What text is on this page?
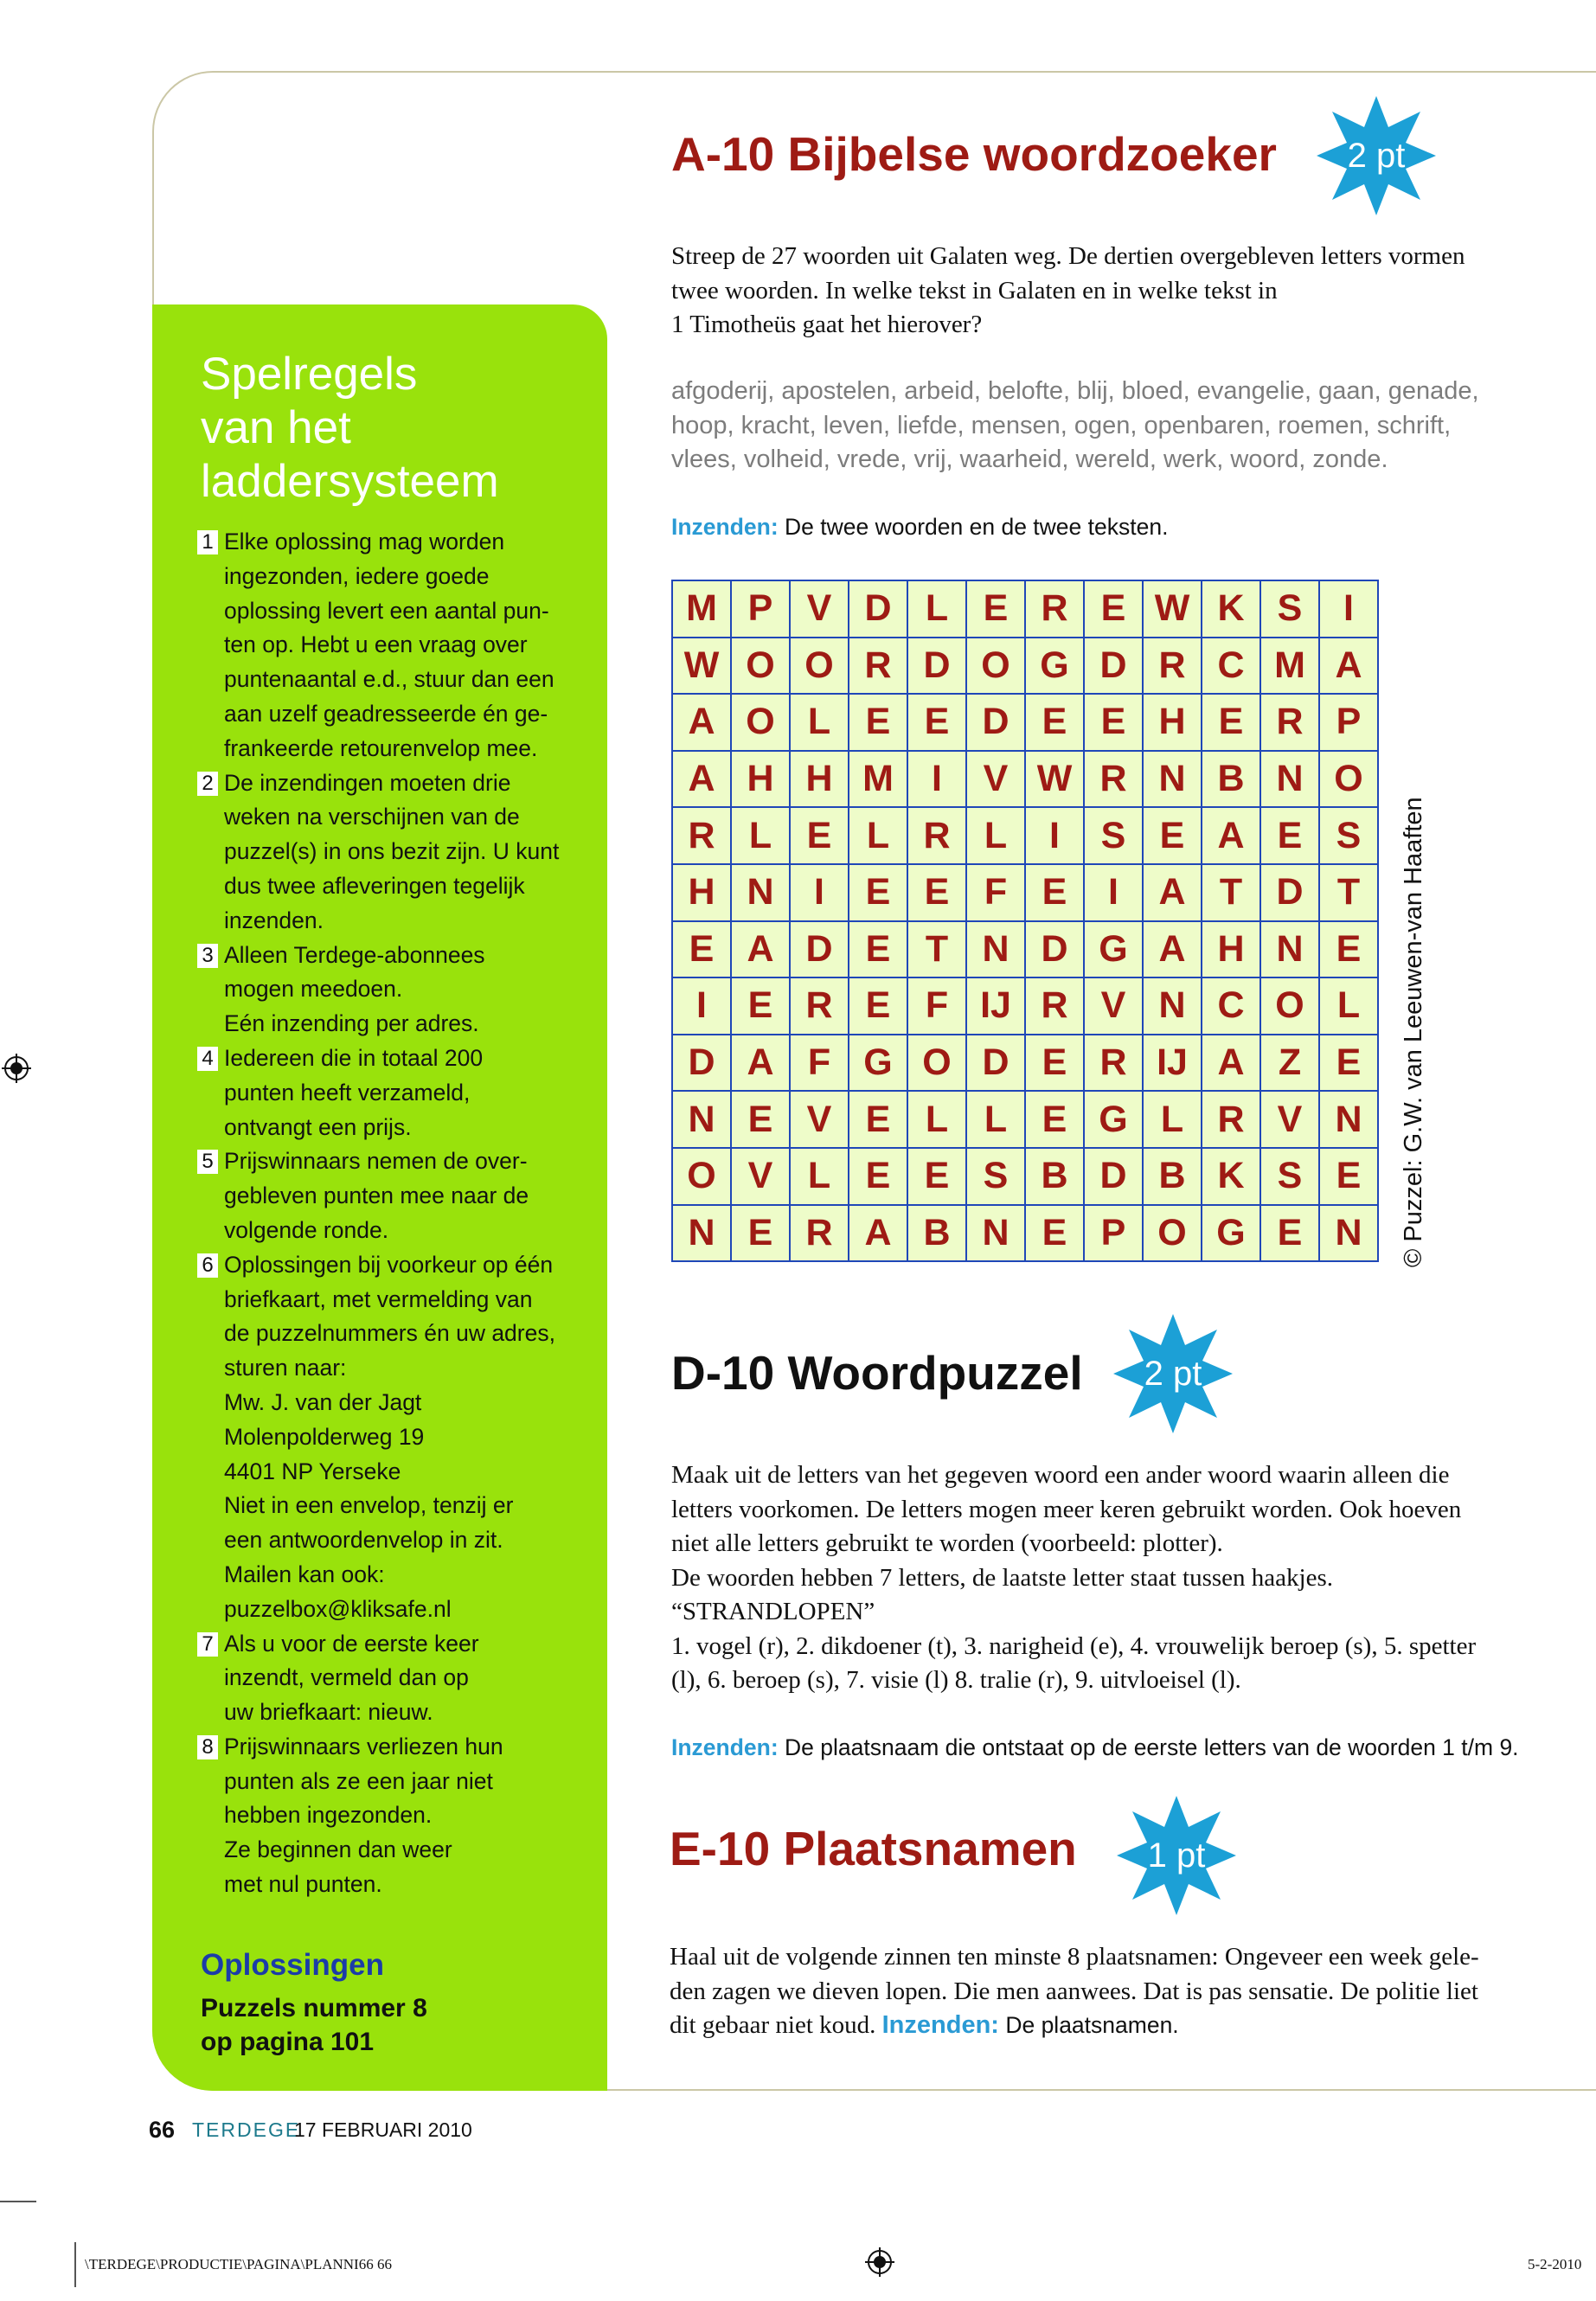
Spelregels
van het
laddersysteem
1 Elke oplossing mag worden
ingezonden, iedere goede
oplossing levert een aantal pun-
ten op. Hebt u een vraag over
puntenaantal e.d., stuur dan een
aan uzelf geadresseerde én ge-
frankeerde retourenvelop mee.
2 De inzendingen moeten drie
weken na verschijnen van de
puzzel(s) in ons bezit zijn. U kunt
dus twee afleveringen tegelijk
inzenden.
3 Alleen Terdege-abonnees
mogen meedoen.
Eén inzending per adres.
4 Iedereen die in totaal 200
punten heeft verzameld,
ontvangt een prijs.
5 Prijswinnaars nemen de over-
gebleven punten mee naar de
volgende ronde.
6 Oplossingen bij voorkeur op één
briefkaart, met vermelding van
de puzzelnummers én uw adres,
sturen naar:
Mw. J. van der Jagt
Molenpolderweg 19
4401 NP Yerseke
Niet in een envelop, tenzij er
een antwoordenvelop in zit.
Mailen kan ook:
puzzelbox@kliksafe.nl
7 Als u voor de eerste keer
inzendt, vermeld dan op
uw briefkaart: nieuw.
8 Prijswinnaars verliezen hun
punten als ze een jaar niet
hebben ingezonden.
Ze beginnen dan weer
met nul punten.
Oplossingen
Puzzels nummer 8
op pagina 101
A-10 Bijbelse woordzoeker	2 pt
Streep de 27 woorden uit Galaten weg. De dertien overgebleven letters vormen
twee woorden. In welke tekst in Galaten en in welke tekst in
1 Timotheüs gaat het hierover?
afgoderij, apostelen, arbeid, belofte, blij, bloed, evangelie, gaan, genade,
hoop, kracht, leven, liefde, mensen, ogen, openbaren, roemen, schrift,
vlees, volheid, vrede, vrij, waarheid, wereld, werk, woord, zonde.
Inzenden: De twee woorden en de twee teksten.
M P V D L E R E W K S	I
W O O R D O G D R C M A
A O L E E D E E H E R P
A H H M	I	V W R N B N O
R L E L R L	I	S E A E S
H N	I	E E F E	I	A T D T
E A D E T N D G A H N E
I	E R E F IJ R V N C O L
D A F G O D E R IJ A Z E
N E V E L L E G L R V N
O V L E E S B D B K S E
N E R A B N E P O G E N	© Puzzel: G.W. van Leeuwen-van Haaften
D-10 Woordpuzzel	2 pt
Maak uit de letters van het gegeven woord een ander woord waarin alleen die
letters voorkomen. De letters mogen meer keren gebruikt worden. Ook hoeven
niet alle letters gebruikt te worden (voorbeeld: plotter).
De woorden hebben 7 letters, de laatste letter staat tussen haakjes.
“STRANDLOPEN”
1. vogel (r), 2. dikdoener (t), 3. narigheid (e), 4. vrouwelijk beroep (s), 5. spetter
(l), 6. beroep (s), 7. visie (l) 8. tralie (r), 9. uitvloeisel (l).
Inzenden: De plaatsnaam die ontstaat op de eerste letters van de woorden 1 t/m 9.
E-10 Plaatsnamen	1 pt
Haal uit de volgende zinnen ten minste 8 plaatsnamen: Ongeveer een week gele-
den zagen we dieven lopen. Die men aanwees. Dat is pas sensatie. De politie liet
dit gebaar niet koud. Inzenden: De plaatsnamen.
66 TERDEGE
17 FEBRUARI 2010
\TERDEGE\PRODUCTIE\PAGINA\PLANNI66 66	5-2-2010
